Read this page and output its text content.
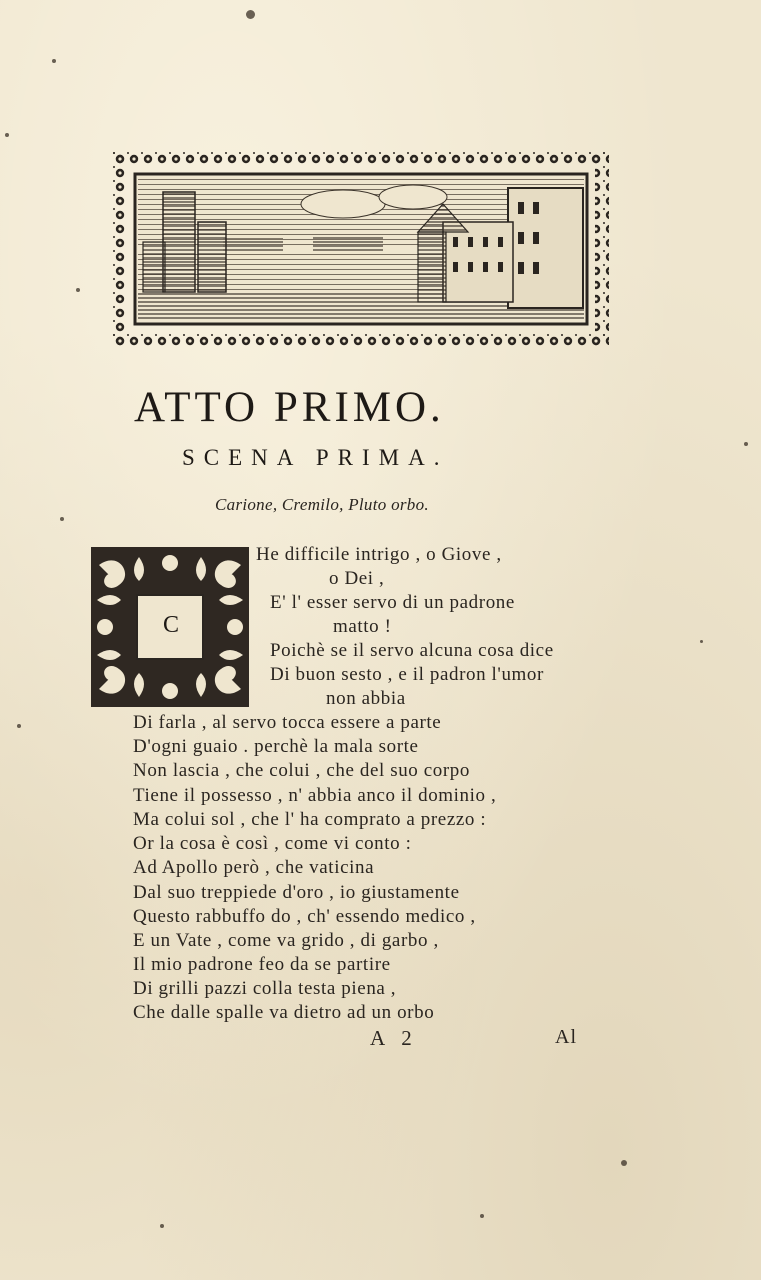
ATTO PRIMO.
SCENA PRIMA.
Carione, Cremilo, Pluto orbo.
C
He difficile intrigo , o Giove ,
o Dei ,
E' l' esser servo di un padrone
matto !
Poichè se il servo alcuna cosa dice
Di buon sesto , e il padron l'umor
non abbia
Di farla , al servo tocca essere a parte
D'ogni guaio . perchè la mala sorte
Non lascia , che colui , che del suo corpo
Tiene il possesso , n' abbia anco il dominio ,
Ma colui sol , che l' ha comprato a prezzo :
Or la cosa è così , come vi conto :
Ad Apollo però , che vaticina
Dal suo treppiede d'oro , io giustamente
Questo rabbuffo do , ch' essendo medico ,
E un Vate , come va grido , di garbo ,
Il mio padrone feo da se partire
Di grilli pazzi colla testa piena ,
Che dalle spalle va dietro ad un orbo
A 2	Al
